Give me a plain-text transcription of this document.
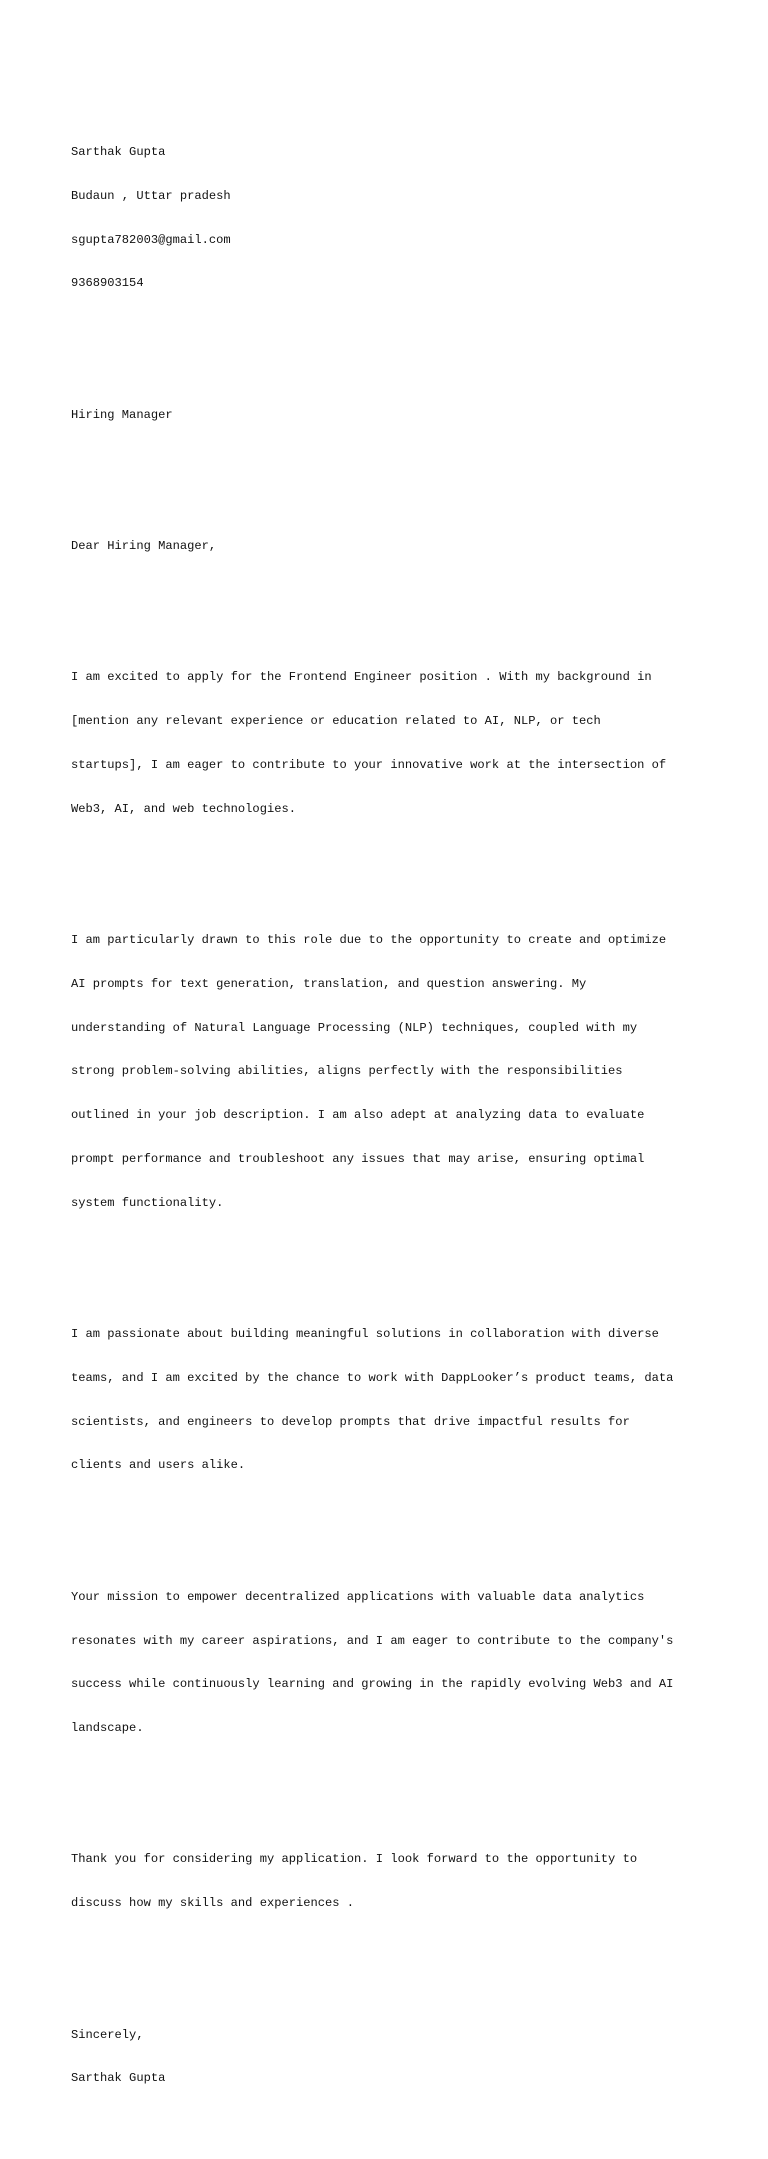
Sarthak Gupta

Budaun , Uttar pradesh

sgupta782003@gmail.com

9368903154

Hiring Manager

Dear Hiring Manager,

I am excited to apply for the Frontend Engineer position . With my background in

[mention any relevant experience or education related to AI, NLP, or tech

startups], I am eager to contribute to your innovative work at the intersection of

Web3, AI, and web technologies.

I am particularly drawn to this role due to the opportunity to create and optimize

AI prompts for text generation, translation, and question answering. My

understanding of Natural Language Processing (NLP) techniques, coupled with my

strong problem-solving abilities, aligns perfectly with the responsibilities

outlined in your job description. I am also adept at analyzing data to evaluate

prompt performance and troubleshoot any issues that may arise, ensuring optimal

system functionality.

I am passionate about building meaningful solutions in collaboration with diverse

teams, and I am excited by the chance to work with DappLooker’s product teams, data

scientists, and engineers to develop prompts that drive impactful results for

clients and users alike.

Your mission to empower decentralized applications with valuable data analytics

resonates with my career aspirations, and I am eager to contribute to the company's

success while continuously learning and growing in the rapidly evolving Web3 and AI

landscape.

Thank you for considering my application. I look forward to the opportunity to

discuss how my skills and experiences .

Sincerely,

Sarthak Gupta
